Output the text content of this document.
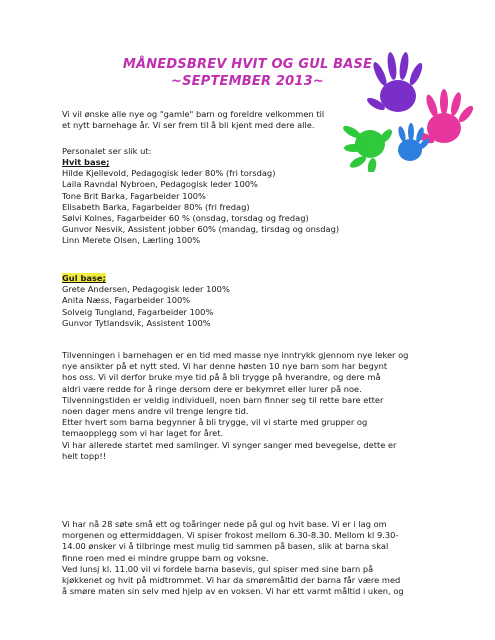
MÅNEDSBREV HVIT OG GUL BASE
~SEPTEMBER 2013~
Vi vil ønske alle nye og "gamle" barn og foreldre velkommen til
et nytt barnehage år. Vi ser frem til å bli kjent med dere alle.
Personalet ser slik ut:
Hvit base;
Hilde Kjellevold, Pedagogisk leder 80% (fri torsdag)
Laila Ravndal Nybroen, Pedagogisk leder 100%
Tone Brit Barka, Fagarbeider 100%
Elisabeth Barka, Fagarbeider 80% (fri fredag)
Sølvi Kolnes, Fagarbeider 60 % (onsdag, torsdag og fredag)
Gunvor Nesvik, Assistent jobber 60% (mandag, tirsdag og onsdag)
Linn Merete Olsen, Lærling 100%
Gul base;
Grete Andersen, Pedagogisk leder 100%
Anita Næss, Fagarbeider 100%
Solveig Tungland, Fagarbeider 100%
Gunvor Tytlandsvik, Assistent 100%
Tilvenningen i barnehagen er en tid med masse nye inntrykk gjennom nye leker og
nye ansikter på et nytt sted. Vi har denne høsten 10 nye barn som har begynt
hos oss. Vi vil derfor bruke mye tid på å bli trygge på hverandre, og dere må
aldri være redde for å ringe dersom dere er bekymret eller lurer på noe.
Tilvenningstiden er veldig individuell, noen barn finner seg til rette bare etter
noen dager mens andre vil trenge lengre tid.
Etter hvert som barna begynner å bli trygge, vil vi starte med grupper og
temaopplegg som vi har laget for året.
Vi har allerede startet med samlinger. Vi synger sanger med bevegelse, dette er
helt topp!!
Vi har nå 28 søte små ett og toåringer nede på gul og hvit base. Vi er i lag om
morgenen og ettermiddagen. Vi spiser frokost mellom 6.30-8.30. Mellom kl 9.30-
14.00 ønsker vi å tilbringe mest mulig tid sammen på basen, slik at barna skal
finne roen med ei mindre gruppe barn og voksne.
Ved lunsj kl. 11.00 vil vi fordele barna basevis, gul spiser med sine barn på
kjøkkenet og hvit på midtrommet. Vi har da smøremåltid der barna får være med
å smøre maten sin selv med hjelp av en voksen. Vi har ett varmt måltid i uken, og
